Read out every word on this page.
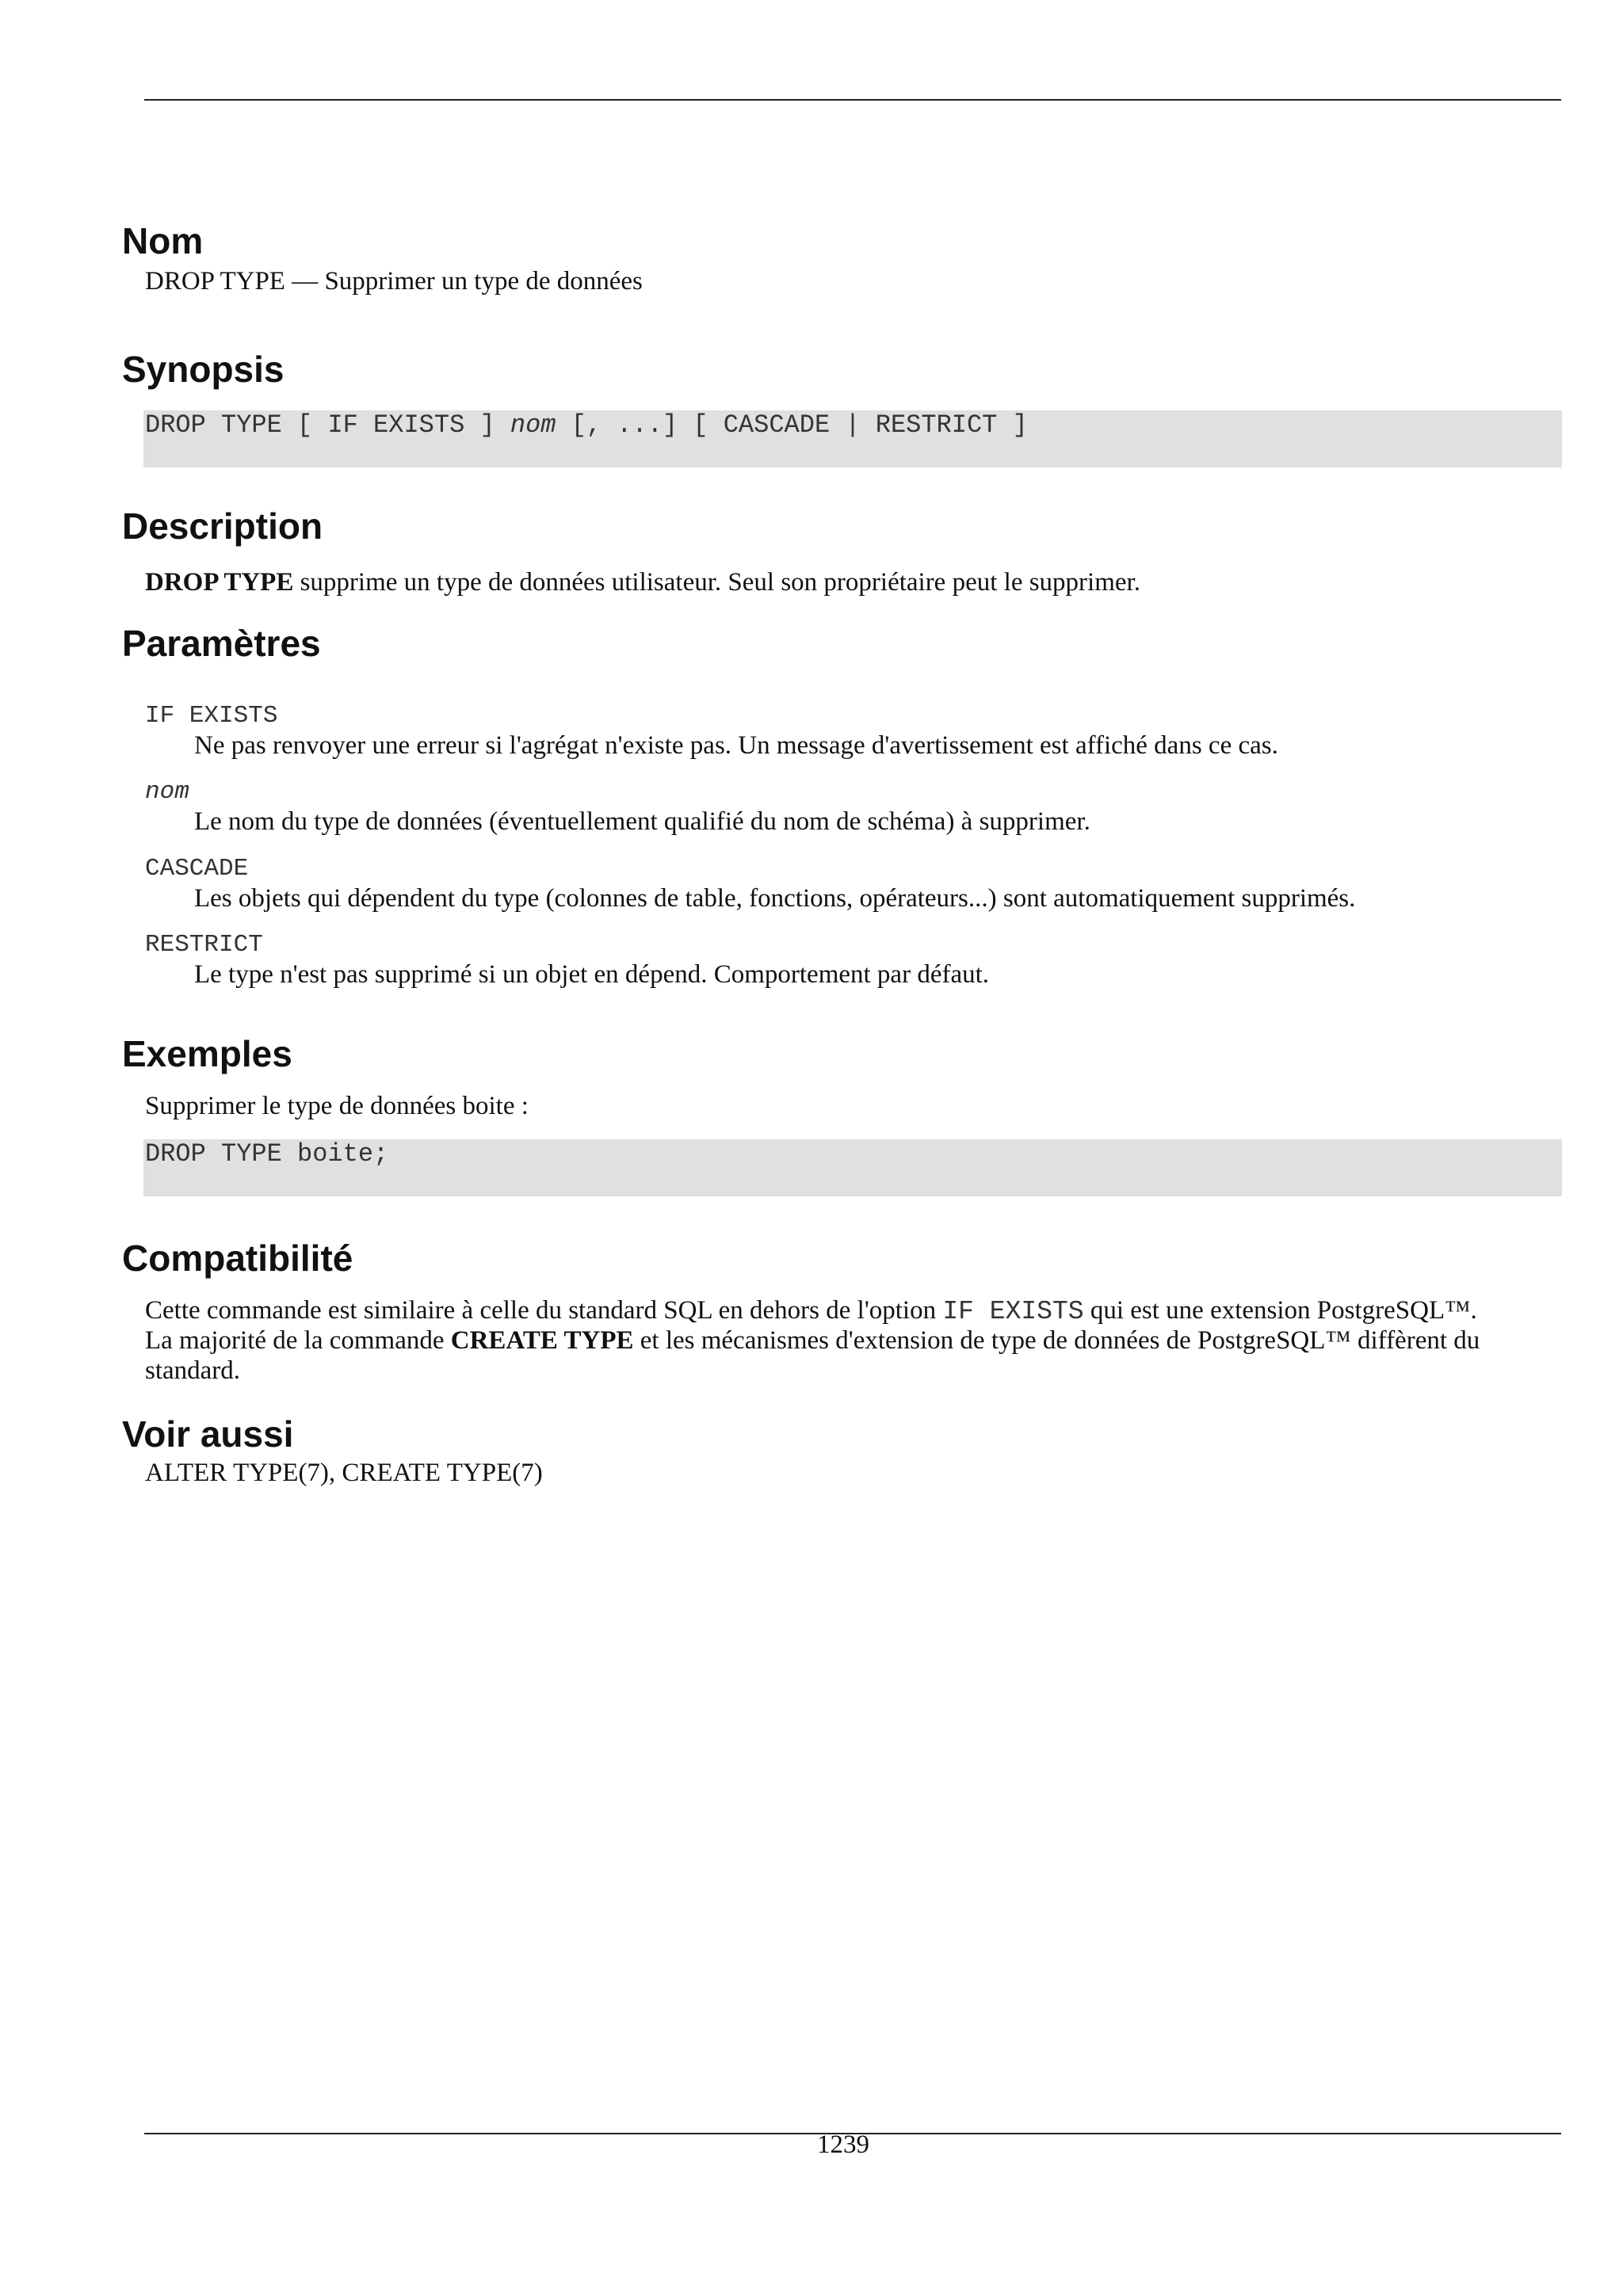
Nom

DROP TYPE — Supprimer un type de données

Synopsis
DROP TYPE [ IF EXISTS ] nom [, ...] [ CASCADE | RESTRICT ]
Description

DROP TYPE supprime un type de données utilisateur. Seul son propriétaire peut le supprimer.

Paramètres
IF EXISTS
Ne pas renvoyer une erreur si l'agrégat n'existe pas. Un message d'avertissement est affiché dans ce cas.
nom
Le nom du type de données (éventuellement qualifié du nom de schéma) à supprimer.
CASCADE
Les objets qui dépendent du type (colonnes de table, fonctions, opérateurs...) sont automatiquement supprimés.
RESTRICT
Le type n'est pas supprimé si un objet en dépend. Comportement par défaut.
Exemples

Supprimer le type de données boite :

DROP TYPE boite;
Compatibilité

Cette commande est similaire à celle du standard SQL en dehors de l'option IF EXISTS qui est une extension PostgreSQL™.

La majorité de la commande CREATE TYPE et les mécanismes d'extension de type de données de PostgreSQL™ diffèrent du

standard.

Voir aussi

ALTER TYPE(7), CREATE TYPE(7)

1239
